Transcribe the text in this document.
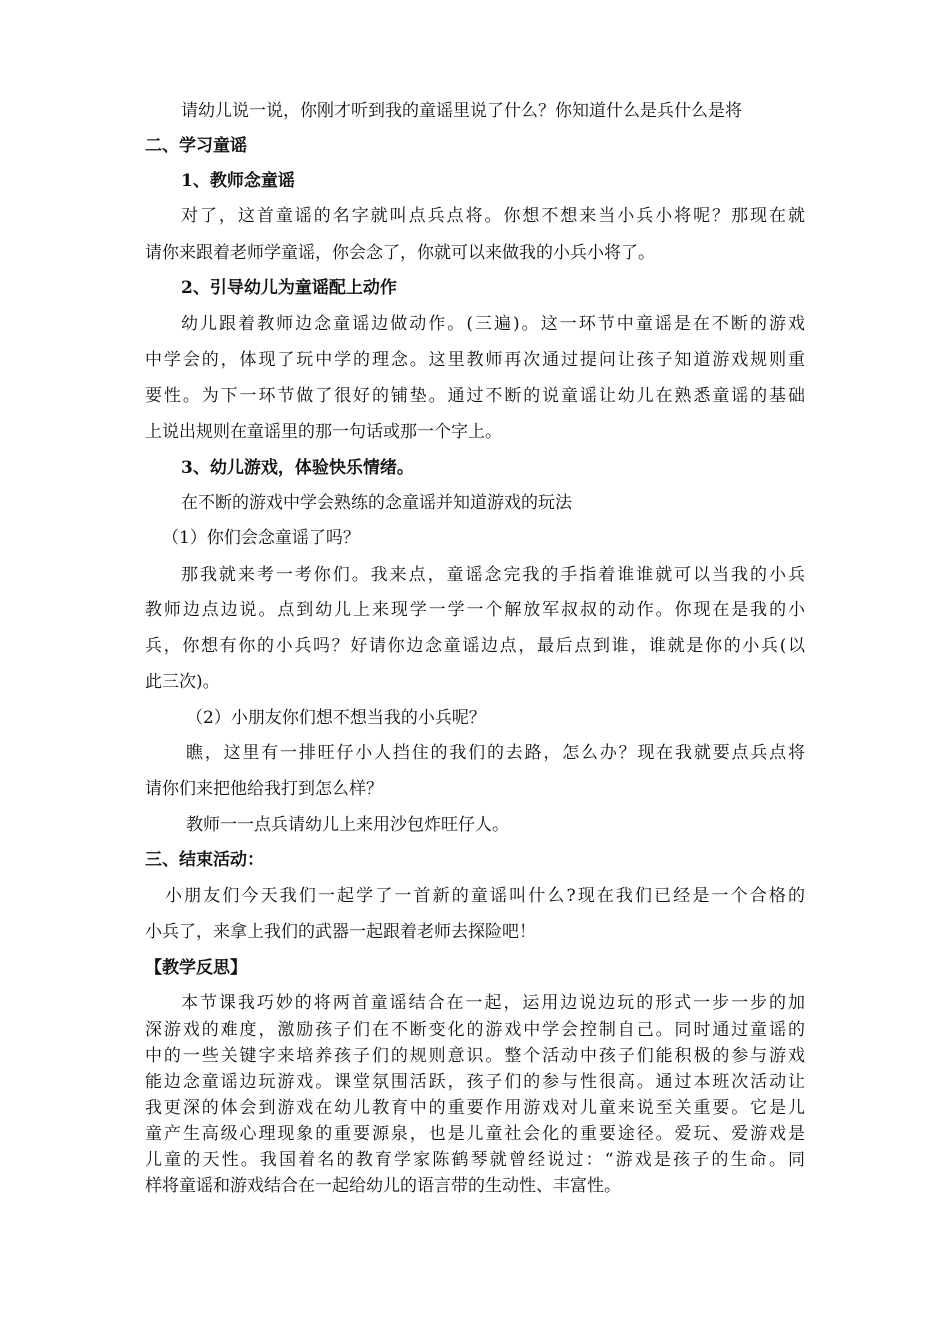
请幼儿说一说，你刚才听到我的童谣里说了什么？你知道什么是兵什么是将
二、学习童谣
1、教师念童谣
对了，这首童谣的名字就叫点兵点将。你想不想来当小兵小将呢？那现在就
请你来跟着老师学童谣，你会念了，你就可以来做我的小兵小将了。
2、引导幼儿为童谣配上动作
幼儿跟着教师边念童谣边做动作。(三遍)。这一环节中童谣是在不断的游戏
中学会的，体现了玩中学的理念。这里教师再次通过提问让孩子知道游戏规则重
要性。为下一环节做了很好的铺垫。通过不断的说童谣让幼儿在熟悉童谣的基础
上说出规则在童谣里的那一句话或那一个字上。
3、幼儿游戏，体验快乐情绪。
在不断的游戏中学会熟练的念童谣并知道游戏的玩法
（1）你们会念童谣了吗？
那我就来考一考你们。我来点，童谣念完我的手指着谁谁就可以当我的小兵
教师边点边说。点到幼儿上来现学一学一个解放军叔叔的动作。你现在是我的小
兵，你想有你的小兵吗？好请你边念童谣边点，最后点到谁，谁就是你的小兵(以
此三次)。
（2）小朋友你们想不想当我的小兵呢？
瞧，这里有一排旺仔小人挡住的我们的去路，怎么办？现在我就要点兵点将
请你们来把他给我打到怎么样？
教师一一点兵请幼儿上来用沙包炸旺仔人。
三、结束活动：
小朋友们今天我们一起学了一首新的童谣叫什么?现在我们已经是一个合格的
小兵了，来拿上我们的武器一起跟着老师去探险吧！
【教学反思】
本节课我巧妙的将两首童谣结合在一起，运用边说边玩的形式一步一步的加
深游戏的难度，激励孩子们在不断变化的游戏中学会控制自己。同时通过童谣的
中的一些关键字来培养孩子们的规则意识。整个活动中孩子们能积极的参与游戏
能边念童谣边玩游戏。课堂氛围活跃，孩子们的参与性很高。通过本班次活动让
我更深的体会到游戏在幼儿教育中的重要作用游戏对儿童来说至关重要。它是儿
童产生高级心理现象的重要源泉，也是儿童社会化的重要途径。爱玩、爱游戏是
儿童的天性。我国着名的教育学家陈鹤琴就曾经说过：“游戏是孩子的生命。同
样将童谣和游戏结合在一起给幼儿的语言带的生动性、丰富性。
